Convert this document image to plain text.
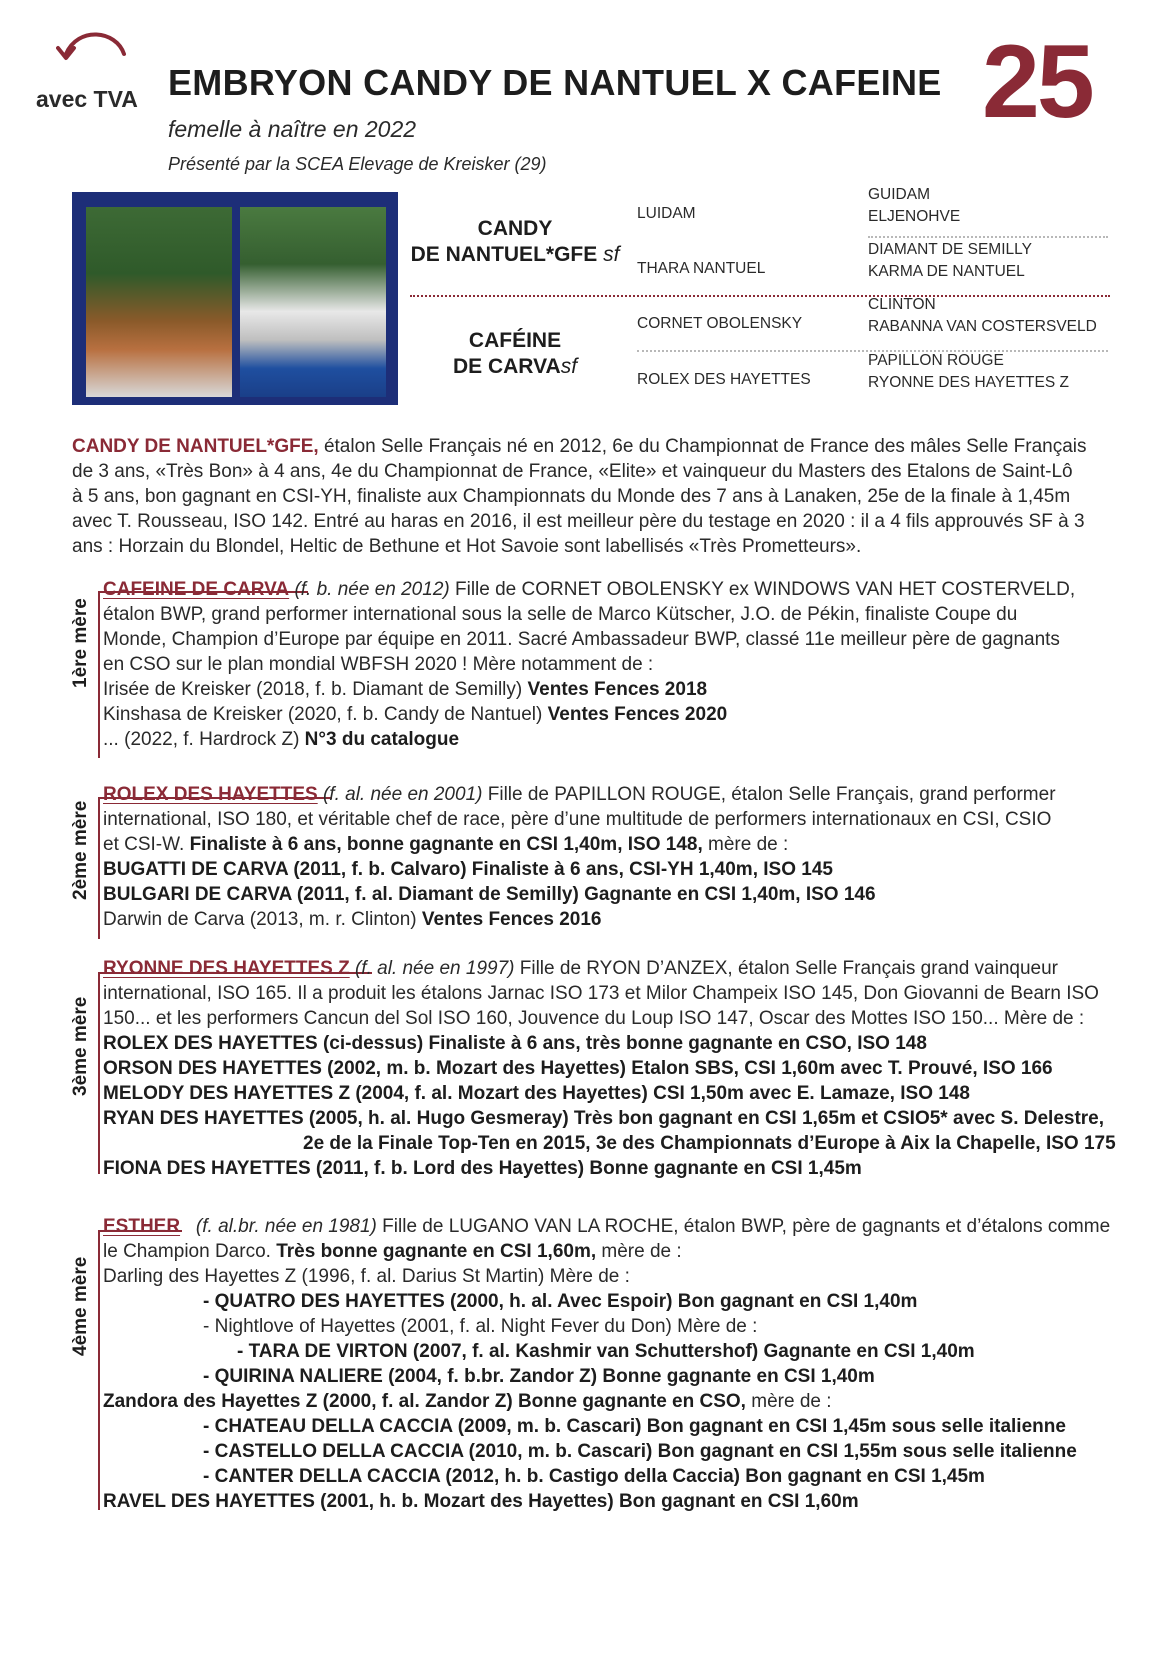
avec TVA EMBRYON CANDY DE NANTUEL X CAFEINE 25
femelle à naître en 2022
Présenté par la SCEA Elevage de Kreisker (29)
CANDY
DE NANTUEL*GFE sf
CAFÉINE
DE CARVAsf
LUIDAM
THARA NANTUEL
CORNET OBOLENSKY
ROLEX DES HAYETTES
GUIDAM
ELJENOHVE
DIAMANT DE SEMILLY
KARMA DE NANTUEL
CLINTON
RABANNA VAN COSTERSVELD
PAPILLON ROUGE
RYONNE DES HAYETTES Z
CANDY DE NANTUEL*GFE, étalon Selle Français né en 2012, 6e du Championnat de France des mâles Selle Français
de 3 ans, «Très Bon» à 4 ans, 4e du Championnat de France, «Elite» et vainqueur du Masters des Etalons de Saint-Lô
à 5 ans, bon gagnant en CSI-YH, finaliste aux Championnats du Monde des 7 ans à Lanaken, 25e de la finale à 1,45m
avec T. Rousseau, ISO 142. Entré au haras en 2016, il est meilleur père du testage en 2020 : il a 4 fils approuvés SF à 3
ans : Horzain du Blondel, Heltic de Bethune et Hot Savoie sont labellisés «Très Prometteurs».
1ère mère
CAFEINE DE CARVA (f. b. née en 2012) Fille de CORNET OBOLENSKY ex WINDOWS VAN HET COSTERVELD,
étalon BWP, grand performer international sous la selle de Marco Kütscher, J.O. de Pékin, finaliste Coupe du
Monde, Champion d’Europe par équipe en 2011. Sacré Ambassadeur BWP, classé 11e meilleur père de gagnants
en CSO sur le plan mondial WBFSH 2020 ! Mère notamment de :
Irisée de Kreisker (2018, f. b. Diamant de Semilly) Ventes Fences 2018
Kinshasa de Kreisker (2020, f. b. Candy de Nantuel) Ventes Fences 2020
... (2022, f. Hardrock Z) N°3 du catalogue
2ème mère
ROLEX DES HAYETTES (f. al. née en 2001) Fille de PAPILLON ROUGE, étalon Selle Français, grand performer
international, ISO 180, et véritable chef de race, père d’une multitude de performers internationaux en CSI, CSIO
et CSI-W. Finaliste à 6 ans, bonne gagnante en CSI 1,40m, ISO 148, mère de :
BUGATTI DE CARVA (2011, f. b. Calvaro) Finaliste à 6 ans, CSI-YH 1,40m, ISO 145
BULGARI DE CARVA (2011, f. al. Diamant de Semilly) Gagnante en CSI 1,40m, ISO 146
Darwin de Carva (2013, m. r. Clinton) Ventes Fences 2016
3ème mère
RYONNE DES HAYETTES Z (f. al. née en 1997) Fille de RYON D’ANZEX, étalon Selle Français grand vainqueur
international, ISO 165. Il a produit les étalons Jarnac ISO 173 et Milor Champeix ISO 145, Don Giovanni de Bearn ISO
150... et les performers Cancun del Sol ISO 160, Jouvence du Loup ISO 147, Oscar des Mottes ISO 150... Mère de :
ROLEX DES HAYETTES (ci-dessus) Finaliste à 6 ans, très bonne gagnante en CSO, ISO 148
ORSON DES HAYETTES (2002, m. b. Mozart des Hayettes) Etalon SBS, CSI 1,60m avec T. Prouvé, ISO 166
MELODY DES HAYETTES Z (2004, f. al. Mozart des Hayettes) CSI 1,50m avec E. Lamaze, ISO 148
RYAN DES HAYETTES (2005, h. al. Hugo Gesmeray) Très bon gagnant en CSI 1,65m et CSIO5* avec S. Delestre,
2e de la Finale Top-Ten en 2015, 3e des Championnats d’Europe à Aix la Chapelle, ISO 175
FIONA DES HAYETTES (2011, f. b. Lord des Hayettes) Bonne gagnante en CSI 1,45m
4ème mère
ESTHER (f. al.br. née en 1981) Fille de LUGANO VAN LA ROCHE, étalon BWP, père de gagnants et d’étalons comme
le Champion Darco. Très bonne gagnante en CSI 1,60m, mère de :
Darling des Hayettes Z (1996, f. al. Darius St Martin) Mère de :
- QUATRO DES HAYETTES (2000, h. al. Avec Espoir) Bon gagnant en CSI 1,40m
- Nightlove of Hayettes (2001, f. al. Night Fever du Don) Mère de :
- TARA DE VIRTON (2007, f. al. Kashmir van Schuttershof) Gagnante en CSI 1,40m
- QUIRINA NALIERE (2004, f. b.br. Zandor Z) Bonne gagnante en CSI 1,40m
Zandora des Hayettes Z (2000, f. al. Zandor Z) Bonne gagnante en CSO, mère de :
- CHATEAU DELLA CACCIA (2009, m. b. Cascari) Bon gagnant en CSI 1,45m sous selle italienne
- CASTELLO DELLA CACCIA (2010, m. b. Cascari) Bon gagnant en CSI 1,55m sous selle italienne
- CANTER DELLA CACCIA (2012, h. b. Castigo della Caccia) Bon gagnant en CSI 1,45m
RAVEL DES HAYETTES (2001, h. b. Mozart des Hayettes) Bon gagnant en CSI 1,60m
